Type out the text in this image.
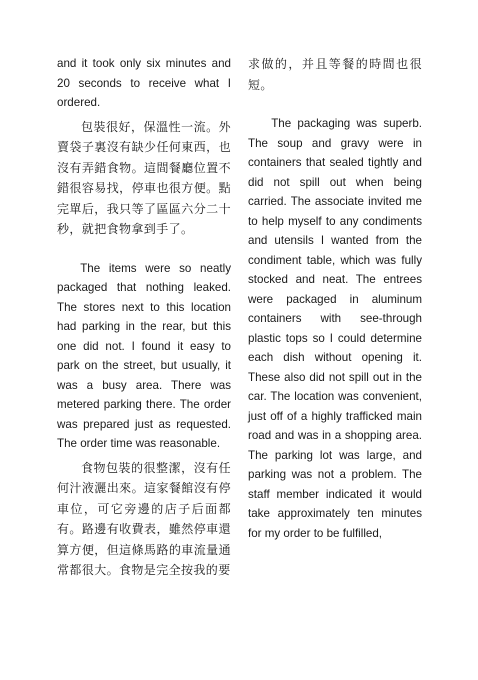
and it took only six minutes and 20 seconds to receive what I ordered.

包裝很好，保溫性一流。外賣袋子裏沒有缺少任何東西，也沒有弄錯食物。這間餐廳位置不錯很容易找，停車也很方便。點完單后，我只等了區區六分二十秒，就把食物拿到手了。

The items were so neatly packaged that nothing leaked. The stores next to this location had parking in the rear, but this one did not. I found it easy to park on the street, but usually, it was a busy area. There was metered parking there. The order was prepared just as requested. The order time was reasonable.

食物包裝的很整潔，沒有任何汁液灑出來。這家餐館沒有停車位，可它旁邊的店子后面都有。路邊有收費表，雖然停車還算方便，但這條馬路的車流量通常都很大。食物是完全按我的要

求做的，并且等餐的時間也很短。

The packaging was superb. The soup and gravy were in containers that sealed tightly and did not spill out when being carried. The associate invited me to help myself to any condiments and utensils I wanted from the condiment table, which was fully stocked and neat. The entrees were packaged in aluminum containers with see-through plastic tops so I could determine each dish without opening it. These also did not spill out in the car. The location was convenient, just off of a highly trafficked main road and was in a shopping area. The parking lot was large, and parking was not a problem. The staff member indicated it would take approximately ten minutes for my order to be fulfilled,
